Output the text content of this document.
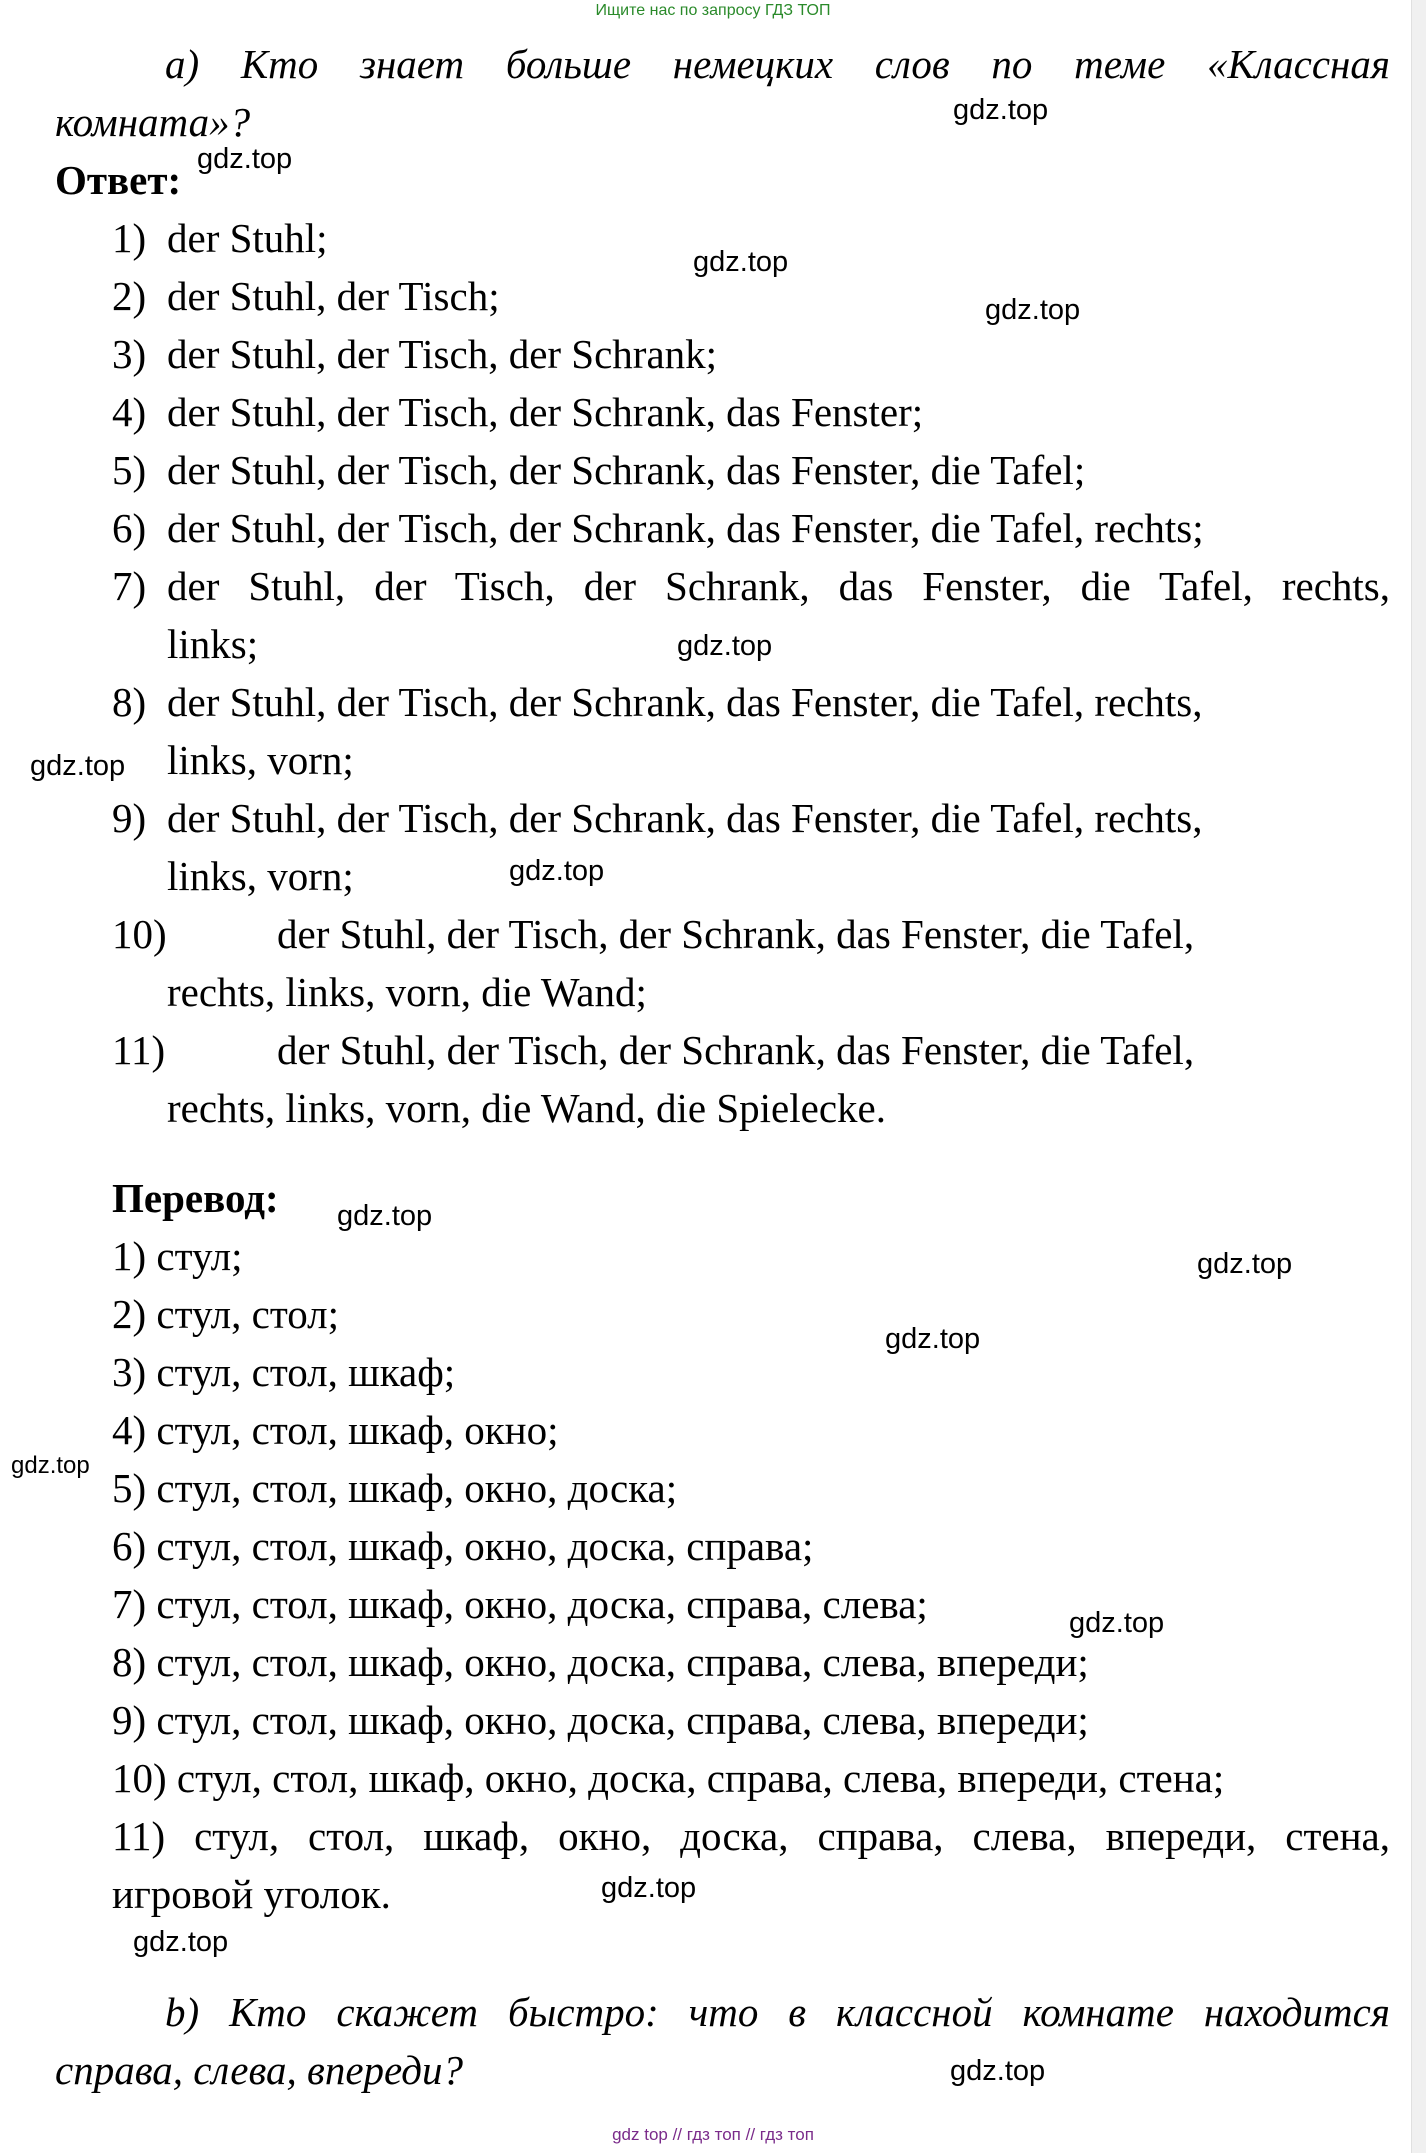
Ищите нас по запросу ГДЗ ТОП
а) Кто знает больше немецких слов по теме «Классная
комната»?
Ответ:
1) der Stuhl;
2) der Stuhl, der Tisch;
3) der Stuhl, der Tisch, der Schrank;
4) der Stuhl, der Tisch, der Schrank, das Fenster;
5) der Stuhl, der Tisch, der Schrank, das Fenster, die Tafel;
6) der Stuhl, der Tisch, der Schrank, das Fenster, die Tafel, rechts;
7) der Stuhl, der Tisch, der Schrank, das Fenster, die Tafel, rechts,
links;
8) der Stuhl, der Tisch, der Schrank, das Fenster, die Tafel, rechts,
links, vorn;
9) der Stuhl, der Tisch, der Schrank, das Fenster, die Tafel, rechts,
links, vorn;
10)	der Stuhl, der Tisch, der Schrank, das Fenster, die Tafel,
rechts, links, vorn, die Wand;
11)	der Stuhl, der Tisch, der Schrank, das Fenster, die Tafel,
rechts, links, vorn, die Wand, die Spielecke.
Перевод:
1) стул;
2) стул, стол;
3) стул, стол, шкаф;
4) стул, стол, шкаф, окно;
5) стул, стол, шкаф, окно, доска;
6) стул, стол, шкаф, окно, доска, справа;
7) стул, стол, шкаф, окно, доска, справа, слева;
8) стул, стол, шкаф, окно, доска, справа, слева, впереди;
9) стул, стол, шкаф, окно, доска, справа, слева, впереди;
10) стул, стол, шкаф, окно, доска, справа, слева, впереди, стена;
11) стул, стол, шкаф, окно, доска, справа, слева, впереди, стена,
игровой уголок.
b) Кто скажет быстро: что в классной комнате находится
справа, слева, впереди?
gdz.top
gdz.top
gdz.top
gdz.top
gdz.top
gdz.top
gdz.top
gdz.top
gdz.top
gdz.top
gdz.top
gdz.top
gdz.top
gdz.top
gdz.top
gdz top // гдз топ // гдз топ
